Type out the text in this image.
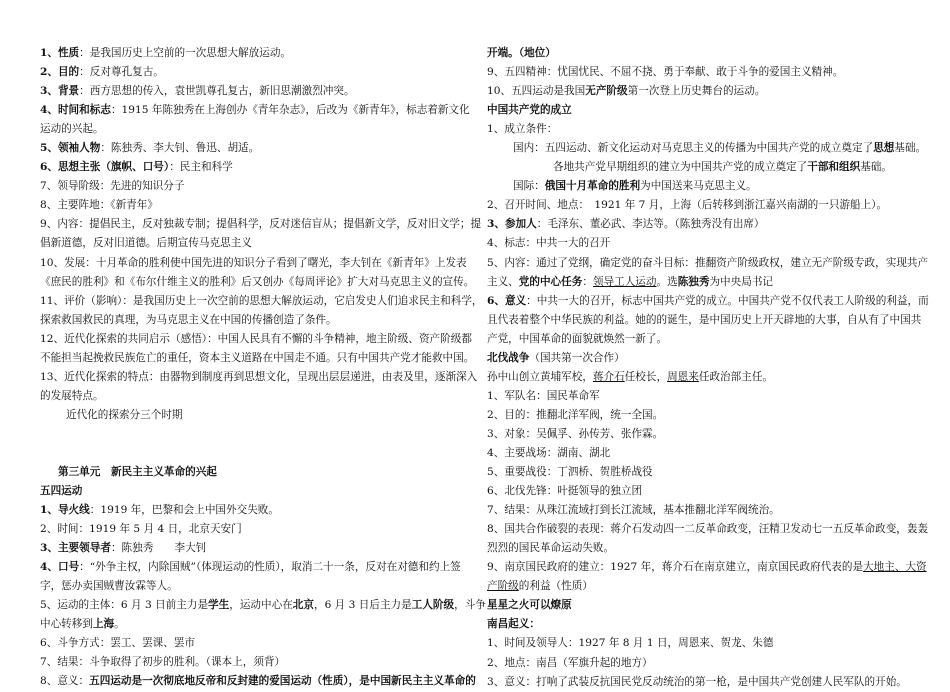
1、性质：是我国历史上空前的一次思想大解放运动。
2、目的：反对尊孔复古。
3、背景：西方思想的传入，袁世凯尊孔复古，新旧思潮激烈冲突。
4、时间和标志：1915 年陈独秀在上海创办《青年杂志》，后改为《新青年》，标志着新文化
运动的兴起。
5、领袖人物：陈独秀、李大钊、鲁迅、胡适。
6、思想主张（旗帜、口号）：民主和科学
7、领导阶级：先进的知识分子
8、主要阵地：《新青年》
9、内容：提倡民主，反对独裁专制；提倡科学，反对迷信盲从；提倡新文学，反对旧文学；提
倡新道德，反对旧道德。后期宣传马克思主义
10、发展：十月革命的胜利使中国先进的知识分子看到了曙光，李大钊在《新青年》上发表
《庶民的胜利》和《布尔什维主义的胜利》后又创办《每周评论》扩大对马克思主义的宣传。
11、评价（影响）：是我国历史上一次空前的思想大解放运动，它启发史人们追求民主和科学，
探索救国救民的真理，为马克思主义在中国的传播创造了条件。
12、近代化探索的共同启示（感悟）：中国人民具有不懈的斗争精神，地主阶级、资产阶级都
不能担当起挽救民族危亡的重任，资本主义道路在中国走不通。只有中国共产党才能救中国。
13、近代化探索的特点：由器物到制度再到思想文化，呈现出层层递进，由表及里，逐渐深入
的发展特点。
近代化的探索分三个时期
第三单元　新民主主义革命的兴起
五四运动
1、导火线：1919 年，巴黎和会上中国外交失败。
2、时间：1919 年 5 月 4 日，北京天安门
3、主要领导者：陈独秀　　李大钊
4、口号：“外争主权，内除国贼”（体现运动的性质），取消二十一条，反对在对德和约上签
字，惩办卖国贼曹汝霖等人。
5、运动的主体：6 月 3 日前主力是学生，运动中心在北京，6 月 3 日后主力是工人阶级，斗争
中心转移到上海。
6、斗争方式：罢工、罢课、罢市
7、结果：斗争取得了初步的胜利。（课本上，须背）
8、意义：五四运动是一次彻底地反帝和反封建的爱国运动（性质），是中国新民主主义革命的
开端。（地位）
9、五四精神：忧国忧民、不屈不挠、勇于奉献、敢于斗争的爱国主义精神。
10、五四运动是我国无产阶级第一次登上历史舞台的运动。
中国共产党的成立
1、成立条件：
国内：五四运动、新文化运动对马克思主义的传播为中国共产党的成立奠定了思想基础。
各地共产党早期组织的建立为中国共产党的成立奠定了干部和组织基础。
国际：俄国十月革命的胜利为中国送来马克思主义。
2、召开时间、地点：　1921 年 7 月，上海（后转移到浙江嘉兴南湖的一只游船上）。
3、参加人：毛泽东、董必武、李达等。（陈独秀没有出席）
4、标志：中共一大的召开
5、内容：通过了党纲，确定党的奋斗目标：推翻资产阶级政权，建立无产阶级专政，实现共产
主义、党的中心任务：领导工人运动。选陈独秀为中央局书记
6、意义：中共一大的召开，标志中国共产党的成立。中国共产党不仅代表工人阶级的利益，而
且代表着整个中华民族的利益。她的的诞生，是中国历史上开天辟地的大事，自从有了中国共
产党，中国革命的面貌就焕然一新了。
北伐战争（国共第一次合作）
孙中山创立黄埔军校，蒋介石任校长，周恩来任政治部主任。
1、军队名：国民革命军
2、目的：推翻北洋军阀，统一全国。
3、对象：吴佩孚、孙传芳、张作霖。
4、主要战场：湖南、湖北
5、重要战役：丁泗桥、贺胜桥战役
6、北伐先锋：叶挺领导的独立团
7、结果：从珠江流域打到长江流域，基本推翻北洋军阀统治。
8、国共合作破裂的表现：蒋介石发动四一二反革命政变，汪精卫发动七一五反革命政变，轰轰
烈烈的国民革命运动失败。
9、南京国民政府的建立：1927 年，蒋介石在南京建立，南京国民政府代表的是大地主、大资
产阶级的利益（性质）
星星之火可以燎原
南昌起义：
1、时间及领导人：1927 年 8 月 1 日，周恩来、贺龙、朱德
2、地点：南昌（军旗升起的地方）
3、意义：打响了武装反抗国民党反动统治的第一枪，是中国共产党创建人民军队的开始。
